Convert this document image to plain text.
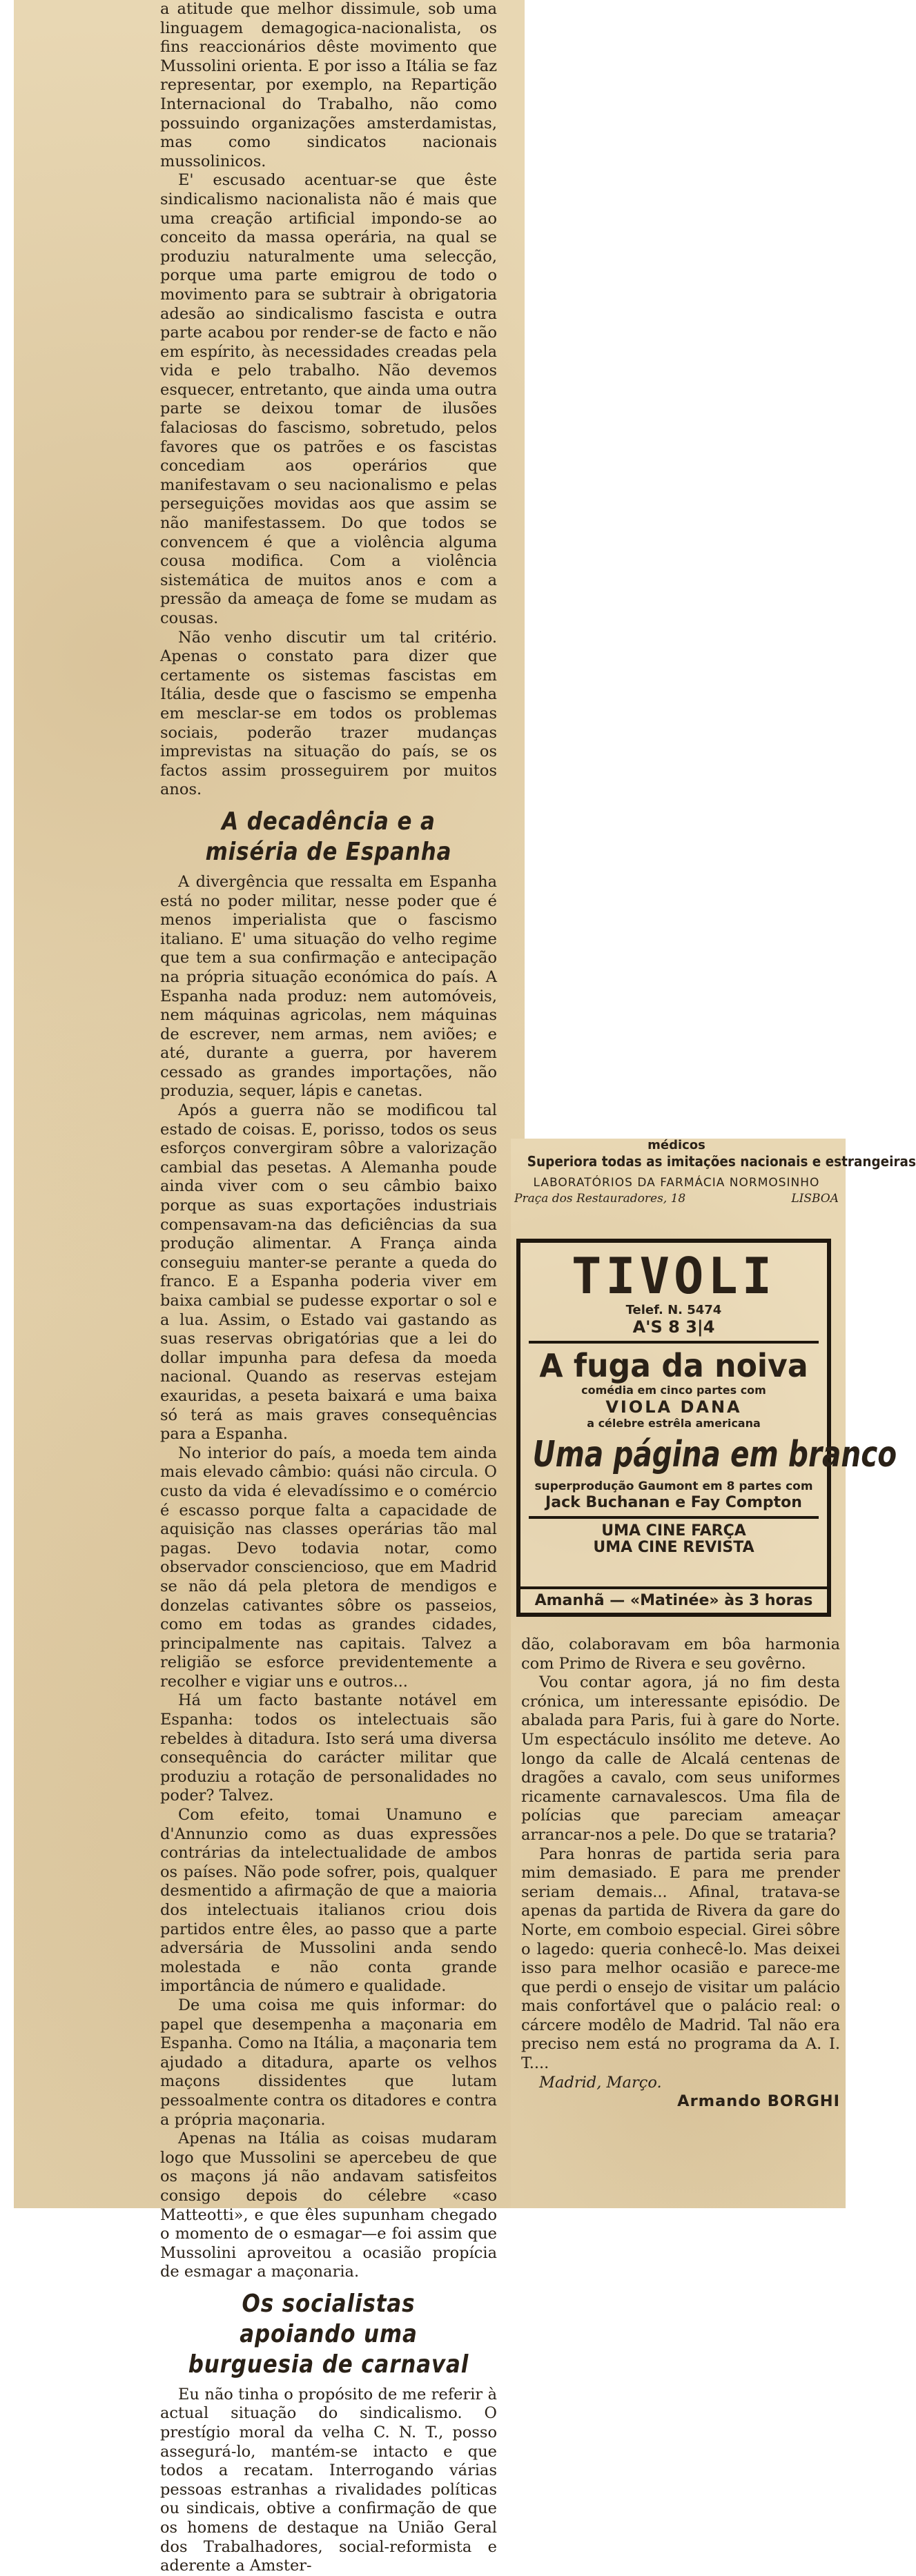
a atitude que melhor dissimule, sob uma linguagem demagogica-nacionalista, os fins reaccionários dêste movimento que Mussolini orienta. E por isso a Itália se faz representar, por exemplo, na Repartição Internacional do Trabalho, não como possuindo organizações amsterdamistas, mas como sindicatos nacionais mussolinicos.

E' escusado acentuar-se que êste sindicalismo nacionalista não é mais que uma creação artificial impondo-se ao conceito da massa operária, na qual se produziu naturalmente uma selecção, porque uma parte emigrou de todo o movimento para se subtrair à obrigatoria adesão ao sindicalismo fascista e outra parte acabou por render-se de facto e não em espírito, às necessidades creadas pela vida e pelo trabalho. Não devemos esquecer, entretanto, que ainda uma outra parte se deixou tomar de ilusões falaciosas do fascismo, sobretudo, pelos favores que os patrões e os fascistas concediam aos operários que manifestavam o seu nacionalismo e pelas perseguições movidas aos que assim se não manifestassem. Do que todos se convencem é que a violência alguma cousa modifica. Com a violência sistemática de muitos anos e com a pressão da ameaça de fome se mudam as cousas.

Não venho discutir um tal critério. Apenas o constato para dizer que certamente os sistemas fascistas em Itália, desde que o fascismo se empenha em mesclar-se em todos os problemas sociais, poderão trazer mudanças imprevistas na situação do país, se os factos assim prosseguirem por muitos anos.

A decadência e a miséria de Espanha

A divergência que ressalta em Espanha está no poder militar, nesse poder que é menos imperialista que o fascismo italiano. E' uma situação do velho regime que tem a sua confirmação e antecipação na própria situação económica do país. A Espanha nada produz: nem automóveis, nem máquinas agricolas, nem máquinas de escrever, nem armas, nem aviões; e até, durante a guerra, por haverem cessado as grandes importações, não produzia, sequer, lápis e canetas.

Após a guerra não se modificou tal estado de coisas. E, porisso, todos os seus esforços convergiram sôbre a valorização cambial das pesetas. A Alemanha poude ainda viver com o seu câmbio baixo porque as suas exportações industriais compensavam-na das deficiências da sua produção alimentar. A França ainda conseguiu manter-se perante a queda do franco. E a Espanha poderia viver em baixa cambial se pudesse exportar o sol e a lua. Assim, o Estado vai gastando as suas reservas obrigatórias que a lei do dollar impunha para defesa da moeda nacional. Quando as reservas estejam exauridas, a peseta baixará e uma baixa só terá as mais graves consequências para a Espanha.

No interior do país, a moeda tem ainda mais elevado câmbio: quási não circula. O custo da vida é elevadíssimo e o comércio é escasso porque falta a capacidade de aquisição nas classes operárias tão mal pagas. Devo todavia notar, como observador consciencioso, que em Madrid se não dá pela pletora de mendigos e donzelas cativantes sôbre os passeios, como em todas as grandes cidades, principalmente nas capitais. Talvez a religião se esforce previdentemente a recolher e vigiar uns e outros...

Há um facto bastante notável em Espanha: todos os intelectuais são rebeldes à ditadura. Isto será uma diversa consequência do carácter militar que produziu a rotação de personalidades no poder? Talvez.

Com efeito, tomai Unamuno e d'Annunzio como as duas expressões contrárias da intelectualidade de ambos os países. Não pode sofrer, pois, qualquer desmentido a afirmação de que a maioria dos intelectuais italianos criou dois partidos entre êles, ao passo que a parte adversária de Mussolini anda sendo molestada e não conta grande importância de número e qualidade.

De uma coisa me quis informar: do papel que desempenha a maçonaria em Espanha. Como na Itália, a maçonaria tem ajudado a ditadura, aparte os velhos maçons dissidentes que lutam pessoalmente contra os ditadores e contra a própria maçonaria.

Apenas na Itália as coisas mudaram logo que Mussolini se apercebeu de que os maçons já não andavam satisfeitos consigo depois do célebre «caso Matteotti», e que êles supunham chegado o momento de o esmagar—e foi assim que Mussolini aproveitou a ocasião propícia de esmagar a maçonaria.

Os socialistas apoiando uma burguesia de carnaval

Eu não tinha o propósito de me referir à actual situação do sindicalismo. O prestígio moral da velha C. N. T., posso assegurá-lo, mantém-se intacto e que todos a recatam. Interrogando várias pessoas estranhas a rivalidades políticas ou sindicais, obtive a confirmação de que os homens de destaque na União Geral dos Trabalhadores, social-reformista e aderente a Amster-

médicos
Superiora todas as imitações nacionais e estrangeiras
LABORATÓRIOS DA FARMÁCIA NORMOSINHO
Praça dos Restauradores, 18	LISBOA
TIVOLI
Telef. N. 5474
A'S 8 3|4
A fuga da noiva
comédia em cinco partes com
VIOLA DANA
a célebre estrêla americana
Uma página em branco
superprodução Gaumont em 8 partes com
Jack Buchanan e Fay Compton
UMA CINE FARÇA
UMA CINE REVISTA
Amanhã — «Matinée» às 3 horas

dão, colaboravam em bôa harmonia com Primo de Rivera e seu govêrno.

Vou contar agora, já no fim desta crónica, um interessante episódio. De abalada para Paris, fui à gare do Norte. Um espectáculo insólito me deteve. Ao longo da calle de Alcalá centenas de dragões a cavalo, com seus uniformes ricamente carnavalescos. Uma fila de polícias que pareciam ameaçar arrancar-nos a pele. Do que se trataria?

Para honras de partida seria para mim demasiado. E para me prender seriam demais... Afinal, tratava-se apenas da partida de Rivera da gare do Norte, em comboio especial. Girei sôbre o lagedo: queria conhecê-lo. Mas deixei isso para melhor ocasião e parece-me que perdi o ensejo de visitar um palácio mais confortável que o palácio real: o cárcere modêlo de Madrid. Tal não era preciso nem está no programa da A. I. T....

Madrid, Março.

Armando BORGHI
